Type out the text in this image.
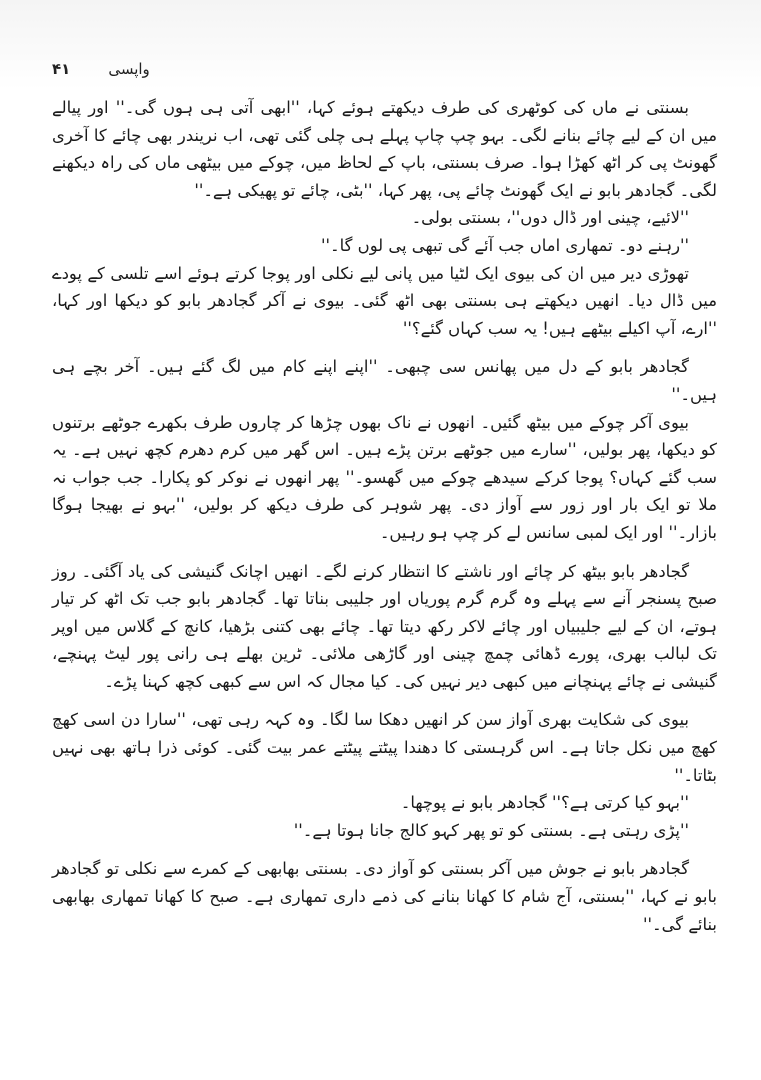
۴۱	واپسی

بسنتی نے ماں کی کوٹھری کی طرف دیکھتے ہوئے کہا، ''ابھی آتی ہی ہوں گی۔'' اور پیالے میں ان کے لیے چائے بنانے لگی۔ بہو چپ چاپ پہلے ہی چلی گئی تھی، اب نریندر بھی چائے کا آخری گھونٹ پی کر اٹھ کھڑا ہوا۔ صرف بسنتی، باپ کے لحاظ میں، چوکے میں بیٹھی ماں کی راہ دیکھنے لگی۔ گجادھر بابو نے ایک گھونٹ چائے پی، پھر کہا، ''بٹی، چائے تو پھیکی ہے۔''

''لائیے، چینی اور ڈال دوں''، بسنتی بولی۔

''رہنے دو۔ تمھاری اماں جب آئے گی تبھی پی لوں گا۔''

تھوڑی دیر میں ان کی بیوی ایک لٹیا میں پانی لیے نکلی اور پوجا کرتے ہوئے اسے تلسی کے پودے میں ڈال دیا۔ انھیں دیکھتے ہی بسنتی بھی اٹھ گئی۔ بیوی نے آکر گجادھر بابو کو دیکھا اور کہا، ''ارے، آپ اکیلے بیٹھے ہیں! یہ سب کہاں گئے؟''

گجادھر بابو کے دل میں پھانس سی چبھی۔ ''اپنے اپنے کام میں لگ گئے ہیں۔ آخر بچے ہی ہیں۔''

بیوی آکر چوکے میں بیٹھ گئیں۔ انھوں نے ناک بھوں چڑھا کر چاروں طرف بکھرے جوٹھے برتنوں کو دیکھا، پھر بولیں، ''سارے میں جوٹھے برتن پڑے ہیں۔ اس گھر میں کرم دھرم کچھ نہیں ہے۔ یہ سب گئے کہاں؟ پوجا کرکے سیدھے چوکے میں گھسو۔'' پھر انھوں نے نوکر کو پکارا۔ جب جواب نہ ملا تو ایک بار اور زور سے آواز دی۔ پھر شوہر کی طرف دیکھ کر بولیں، ''بہو نے بھیجا ہوگا بازار۔'' اور ایک لمبی سانس لے کر چپ ہو رہیں۔

گجادھر بابو بیٹھ کر چائے اور ناشتے کا انتظار کرنے لگے۔ انھیں اچانک گنیشی کی یاد آگئی۔ روز صبح پسنجر آنے سے پہلے وہ گرم گرم پوریاں اور جلیبی بناتا تھا۔ گجادھر بابو جب تک اٹھ کر تیار ہوتے، ان کے لیے جلیبیاں اور چائے لاکر رکھ دیتا تھا۔ چائے بھی کتنی بڑھیا، کانچ کے گلاس میں اوپر تک لبالب بھری، پورے ڈھائی چمچ چینی اور گاڑھی ملائی۔ ٹرین بھلے ہی رانی پور لیٹ پہنچے، گنیشی نے چائے پہنچانے میں کبھی دیر نہیں کی۔ کیا مجال کہ اس سے کبھی کچھ کہنا پڑے۔

بیوی کی شکایت بھری آواز سن کر انھیں دھکا سا لگا۔ وہ کہہ رہی تھی، ''سارا دن اسی کھچ کھچ میں نکل جاتا ہے۔ اس گرہستی کا دھندا پیٹتے پیٹتے عمر بیت گئی۔ کوئی ذرا ہاتھ بھی نہیں بٹاتا۔''

''بہو کیا کرتی ہے؟'' گجادھر بابو نے پوچھا۔

''پڑی رہتی ہے۔ بسنتی کو تو پھر کہو کالج جانا ہوتا ہے۔''

گجادھر بابو نے جوش میں آکر بسنتی کو آواز دی۔ بسنتی بھابھی کے کمرے سے نکلی تو گجادھر بابو نے کہا، ''بسنتی، آج شام کا کھانا بنانے کی ذمے داری تمھاری ہے۔ صبح کا کھانا تمھاری بھابھی بنائے گی۔''
